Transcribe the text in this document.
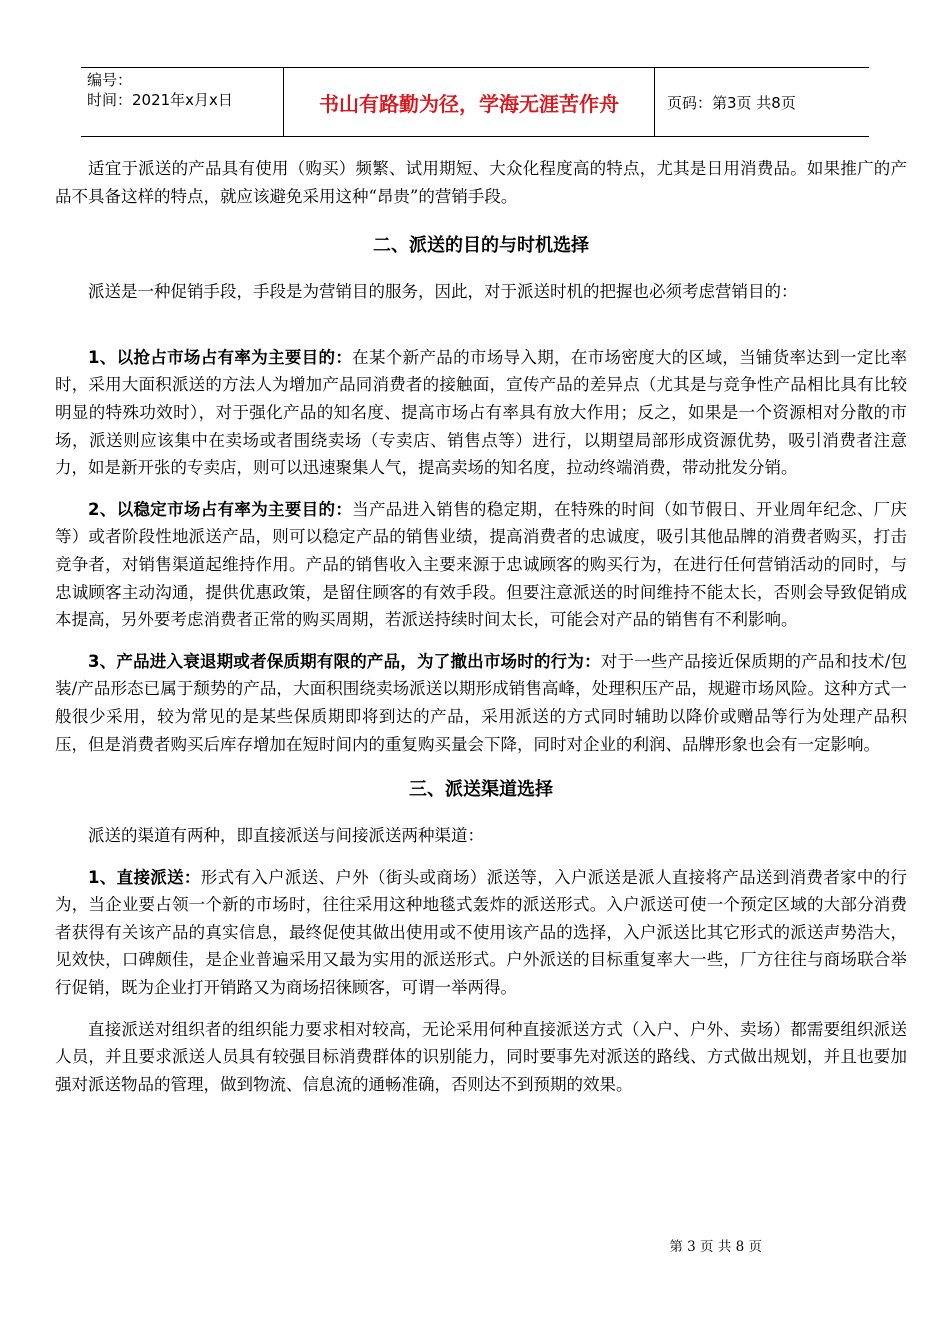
编号：
时间：2021年x月x日	书山有路勤为径，学海无涯苦作舟	页码：第3页 共8页

适宜于派送的产品具有使用（购买）频繁、试用期短、大众化程度高的特点，尤其是日用消费品。如果推广的产品不具备这样的特点，就应该避免采用这种“昂贵”的营销手段。

二、派送的目的与时机选择

派送是一种促销手段，手段是为营销目的服务，因此，对于派送时机的把握也必须考虑营销目的：

1、以抢占市场占有率为主要目的：在某个新产品的市场导入期，在市场密度大的区域，当铺货率达到一定比率时，采用大面积派送的方法人为增加产品同消费者的接触面，宣传产品的差异点（尤其是与竞争性产品相比具有比较明显的特殊功效时），对于强化产品的知名度、提高市场占有率具有放大作用；反之，如果是一个资源相对分散的市场，派送则应该集中在卖场或者围绕卖场（专卖店、销售点等）进行，以期望局部形成资源优势，吸引消费者注意力，如是新开张的专卖店，则可以迅速聚集人气，提高卖场的知名度，拉动终端消费，带动批发分销。

2、以稳定市场占有率为主要目的：当产品进入销售的稳定期，在特殊的时间（如节假日、开业周年纪念、厂庆等）或者阶段性地派送产品，则可以稳定产品的销售业绩，提高消费者的忠诚度，吸引其他品牌的消费者购买，打击竞争者，对销售渠道起维持作用。产品的销售收入主要来源于忠诚顾客的购买行为，在进行任何营销活动的同时，与忠诚顾客主动沟通，提供优惠政策，是留住顾客的有效手段。但要注意派送的时间维持不能太长，否则会导致促销成本提高，另外要考虑消费者正常的购买周期，若派送持续时间太长，可能会对产品的销售有不利影响。

3、产品进入衰退期或者保质期有限的产品，为了撤出市场时的行为：对于一些产品接近保质期的产品和技术/包装/产品形态已属于颓势的产品，大面积围绕卖场派送以期形成销售高峰，处理积压产品，规避市场风险。这种方式一般很少采用，较为常见的是某些保质期即将到达的产品，采用派送的方式同时辅助以降价或赠品等行为处理产品积压，但是消费者购买后库存增加在短时间内的重复购买量会下降，同时对企业的利润、品牌形象也会有一定影响。

三、派送渠道选择

派送的渠道有两种，即直接派送与间接派送两种渠道：

1、直接派送：形式有入户派送、户外（街头或商场）派送等，入户派送是派人直接将产品送到消费者家中的行为，当企业要占领一个新的市场时，往往采用这种地毯式轰炸的派送形式。入户派送可使一个预定区域的大部分消费者获得有关该产品的真实信息，最终促使其做出使用或不使用该产品的选择，入户派送比其它形式的派送声势浩大，见效快，口碑颇佳，是企业普遍采用又最为实用的派送形式。户外派送的目标重复率大一些，厂方往往与商场联合举行促销，既为企业打开销路又为商场招徕顾客，可谓一举两得。

直接派送对组织者的组织能力要求相对较高，无论采用何种直接派送方式（入户、户外、卖场）都需要组织派送人员，并且要求派送人员具有较强目标消费群体的识别能力，同时要事先对派送的路线、方式做出规划，并且也要加强对派送物品的管理，做到物流、信息流的通畅准确，否则达不到预期的效果。

第 3 页 共 8 页
